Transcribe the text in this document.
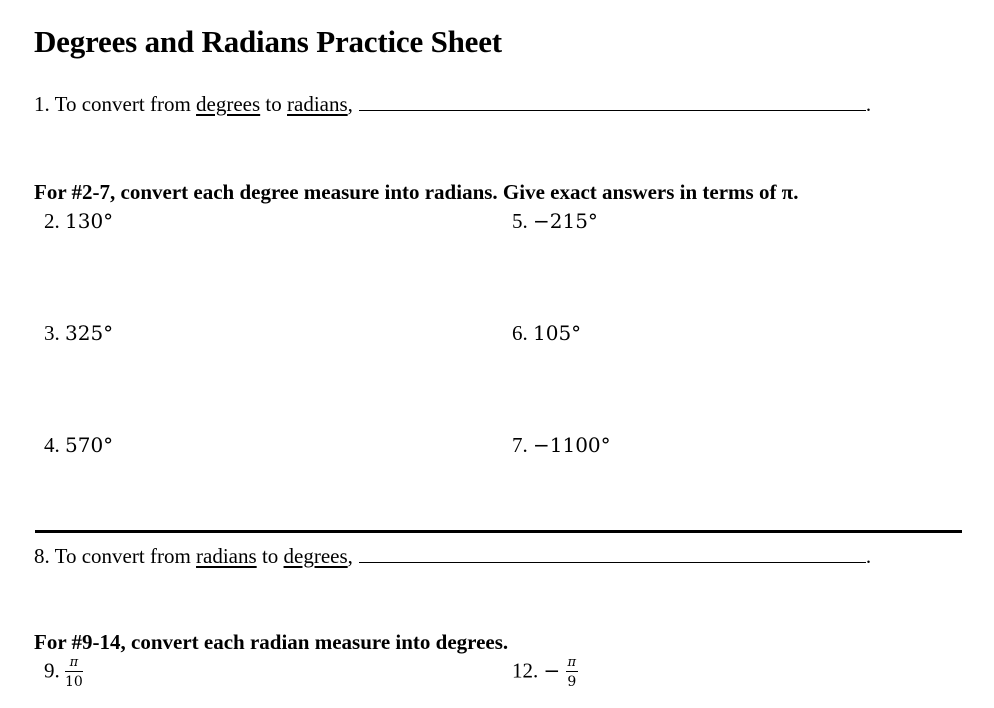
Degrees and Radians Practice Sheet
1. To convert from degrees to radians,	.
For #2-7, convert each degree measure into radians. Give exact answers in terms of π.
2. 130°
3. 325°
4. 570°
5. −215°
6. 105°
7. −1100°
8. To convert from radians to degrees,	.
For #9-14, convert each radian measure into degrees.
9. $\frac{\pi}{10}$	12. − $\frac{\pi}{9}$
